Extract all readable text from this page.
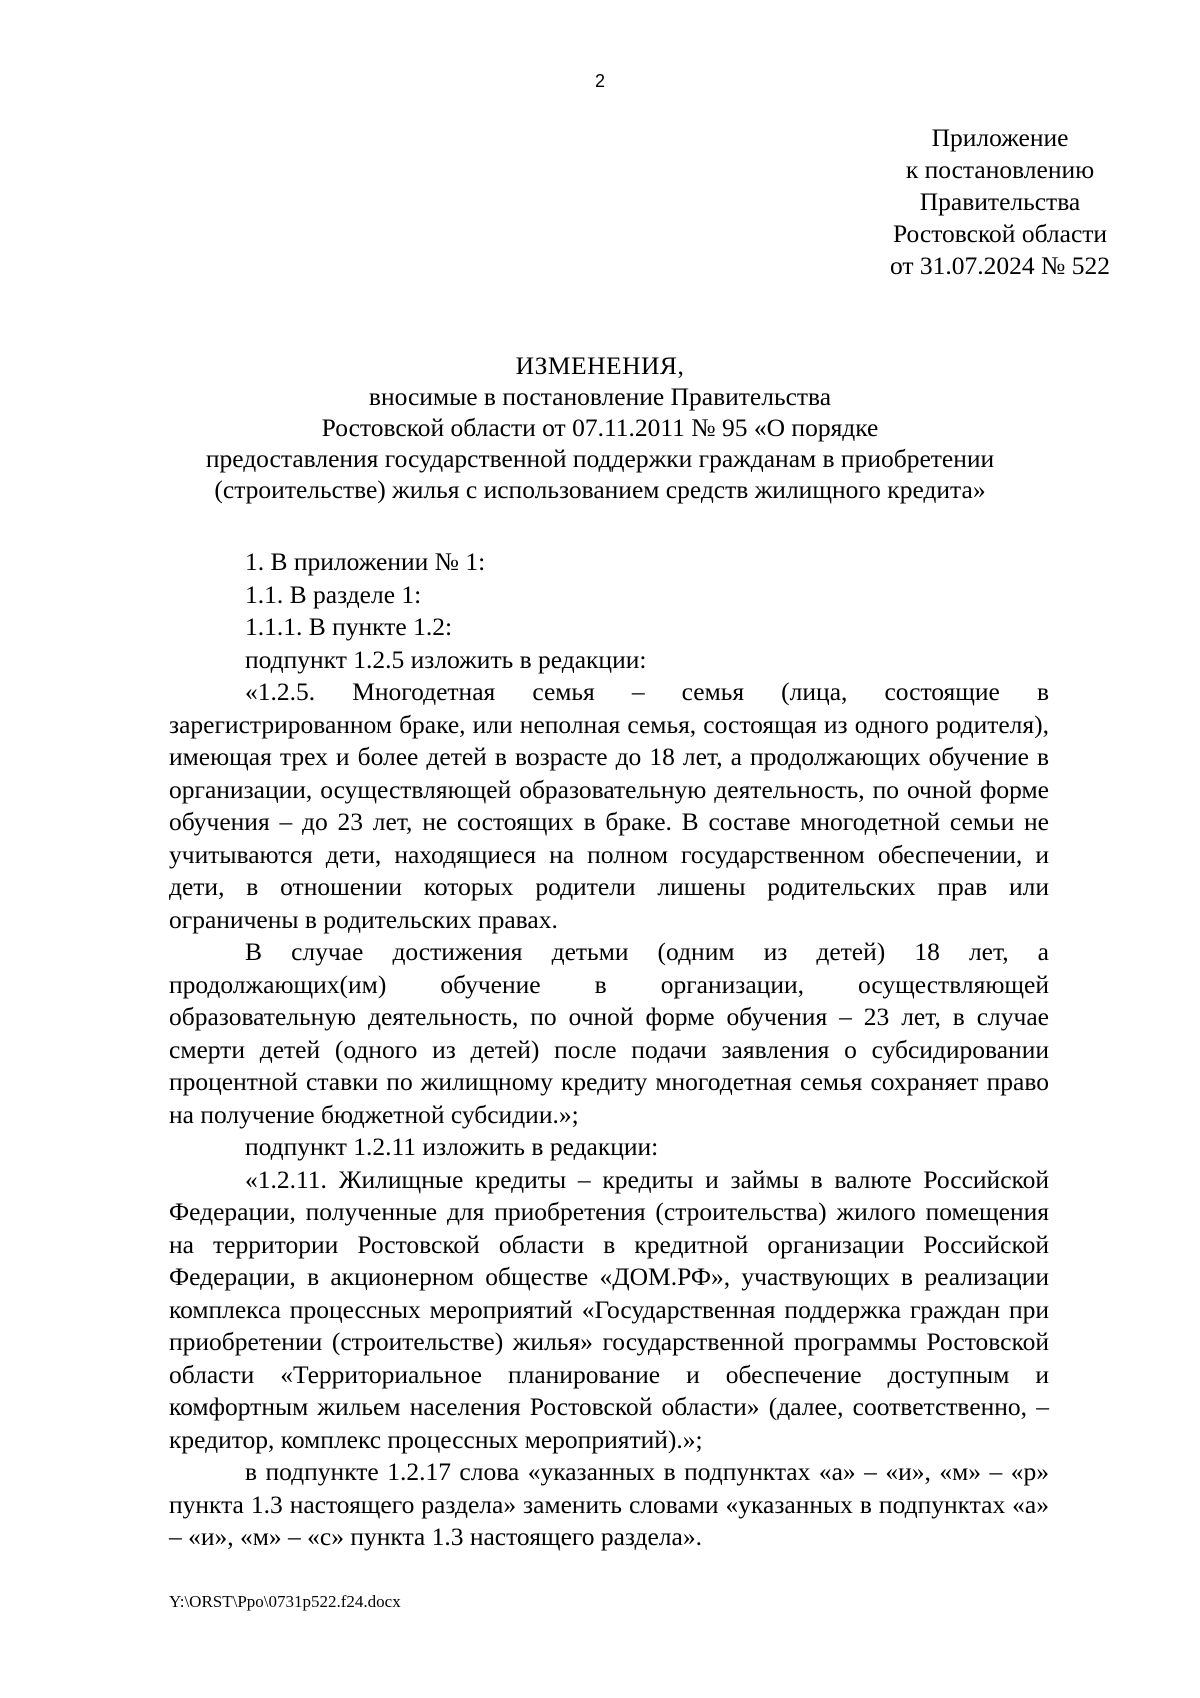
2
Приложение
к постановлению
Правительства
Ростовской области
от 31.07.2024 № 522
ИЗМЕНЕНИЯ,
вносимые в постановление Правительства
Ростовской области от 07.11.2011 № 95 «О порядке
предоставления государственной поддержки гражданам в приобретении
(строительстве) жилья с использованием средств жилищного кредита»

1. В приложении № 1:

1.1. В разделе 1:

1.1.1. В пункте 1.2:

подпункт 1.2.5 изложить в редакции:

«1.2.5. Многодетная семья – семья (лица, состоящие в зарегистрированном браке, или неполная семья, состоящая из одного родителя), имеющая трех и более детей в возрасте до 18 лет, а продолжающих обучение в организации, осуществляющей образовательную деятельность, по очной форме обучения – до 23 лет, не состоящих в браке. В составе многодетной семьи не учитываются дети, находящиеся на полном государственном обеспечении, и дети, в отношении которых родители лишены родительских прав или ограничены в родительских правах.

В случае достижения детьми (одним из детей) 18 лет, а продолжающих(им) обучение в организации, осуществляющей образовательную деятельность, по очной форме обучения – 23 лет, в случае смерти детей (одного из детей) после подачи заявления о субсидировании процентной ставки по жилищному кредиту многодетная семья сохраняет право на получение бюджетной субсидии.»;

подпункт 1.2.11 изложить в редакции:

«1.2.11. Жилищные кредиты – кредиты и займы в валюте Российской Федерации, полученные для приобретения (строительства) жилого помещения на территории Ростовской области в кредитной организации Российской Федерации, в акционерном обществе «ДОМ.РФ», участвующих в реализации комплекса процессных мероприятий «Государственная поддержка граждан при приобретении (строительстве) жилья» государственной программы Ростовской области «Территориальное планирование и обеспечение доступным и комфортным жильем населения Ростовской области» (далее, соответственно, – кредитор, комплекс процессных мероприятий).»;

в подпункте 1.2.17 слова «указанных в подпунктах «а» – «и», «м» – «р» пункта 1.3 настоящего раздела» заменить словами «указанных в подпунктах «а» – «и», «м» – «с» пункта 1.3 настоящего раздела».

Y:\ORST\Ppo\0731p522.f24.docx
